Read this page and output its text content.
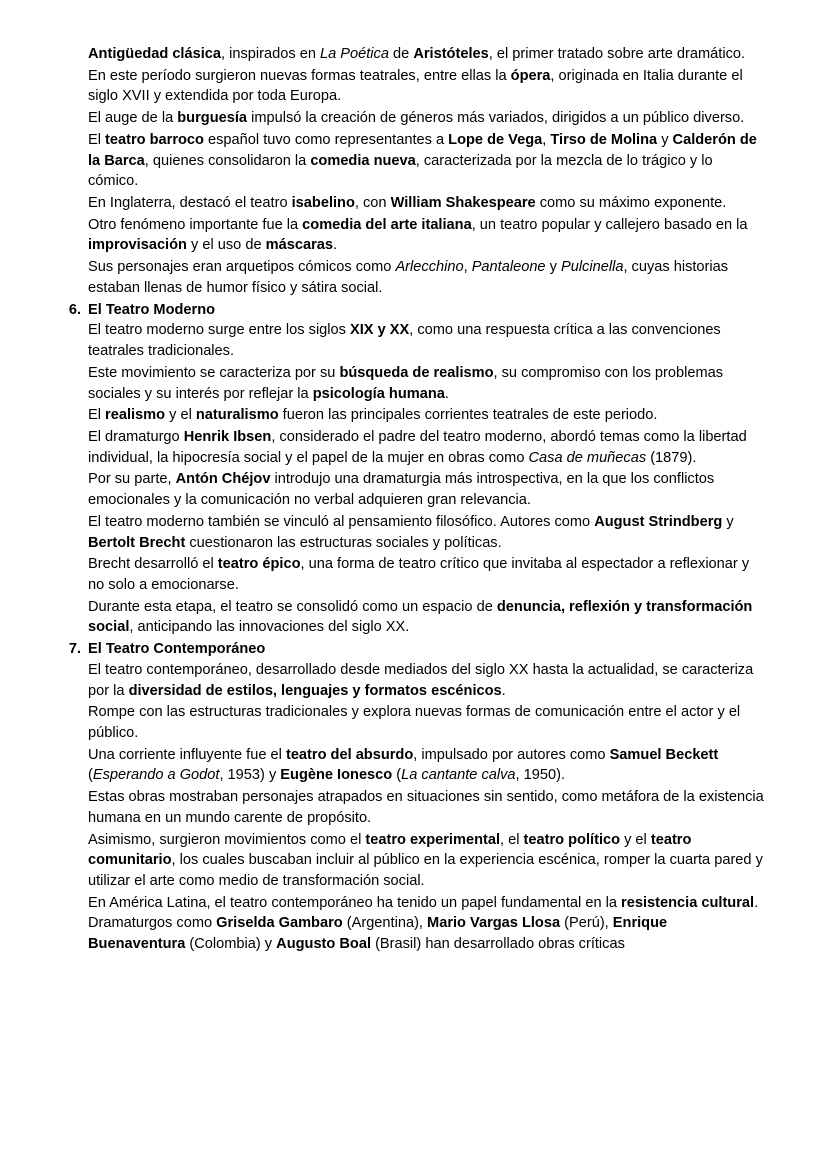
Antigüedad clásica, inspirados en La Poética de Aristóteles, el primer tratado sobre arte dramático.
En este período surgieron nuevas formas teatrales, entre ellas la ópera, originada en Italia durante el siglo XVII y extendida por toda Europa.
El auge de la burguesía impulsó la creación de géneros más variados, dirigidos a un público diverso.
El teatro barroco español tuvo como representantes a Lope de Vega, Tirso de Molina y Calderón de la Barca, quienes consolidaron la comedia nueva, caracterizada por la mezcla de lo trágico y lo cómico.
En Inglaterra, destacó el teatro isabelino, con William Shakespeare como su máximo exponente.
Otro fenómeno importante fue la comedia del arte italiana, un teatro popular y callejero basado en la improvisación y el uso de máscaras.
Sus personajes eran arquetipos cómicos como Arlecchino, Pantaleone y Pulcinella, cuyas historias estaban llenas de humor físico y sátira social.
6. El Teatro Moderno
El teatro moderno surge entre los siglos XIX y XX, como una respuesta crítica a las convenciones teatrales tradicionales.
Este movimiento se caracteriza por su búsqueda de realismo, su compromiso con los problemas sociales y su interés por reflejar la psicología humana.
El realismo y el naturalismo fueron las principales corrientes teatrales de este periodo.
El dramaturgo Henrik Ibsen, considerado el padre del teatro moderno, abordó temas como la libertad individual, la hipocresía social y el papel de la mujer en obras como Casa de muñecas (1879).
Por su parte, Antón Chéjov introdujo una dramaturgia más introspectiva, en la que los conflictos emocionales y la comunicación no verbal adquieren gran relevancia.
El teatro moderno también se vinculó al pensamiento filosófico. Autores como August Strindberg y Bertolt Brecht cuestionaron las estructuras sociales y políticas.
Brecht desarrolló el teatro épico, una forma de teatro crítico que invitaba al espectador a reflexionar y no solo a emocionarse.
Durante esta etapa, el teatro se consolidó como un espacio de denuncia, reflexión y transformación social, anticipando las innovaciones del siglo XX.
7. El Teatro Contemporáneo
El teatro contemporáneo, desarrollado desde mediados del siglo XX hasta la actualidad, se caracteriza por la diversidad de estilos, lenguajes y formatos escénicos.
Rompe con las estructuras tradicionales y explora nuevas formas de comunicación entre el actor y el público.
Una corriente influyente fue el teatro del absurdo, impulsado por autores como Samuel Beckett (Esperando a Godot, 1953) y Eugène Ionesco (La cantante calva, 1950).
Estas obras mostraban personajes atrapados en situaciones sin sentido, como metáfora de la existencia humana en un mundo carente de propósito.
Asimismo, surgieron movimientos como el teatro experimental, el teatro político y el teatro comunitario, los cuales buscaban incluir al público en la experiencia escénica, romper la cuarta pared y utilizar el arte como medio de transformación social.
En América Latina, el teatro contemporáneo ha tenido un papel fundamental en la resistencia cultural. Dramaturgos como Griselda Gambaro (Argentina), Mario Vargas Llosa (Perú), Enrique Buenaventura (Colombia) y Augusto Boal (Brasil) han desarrollado obras críticas
